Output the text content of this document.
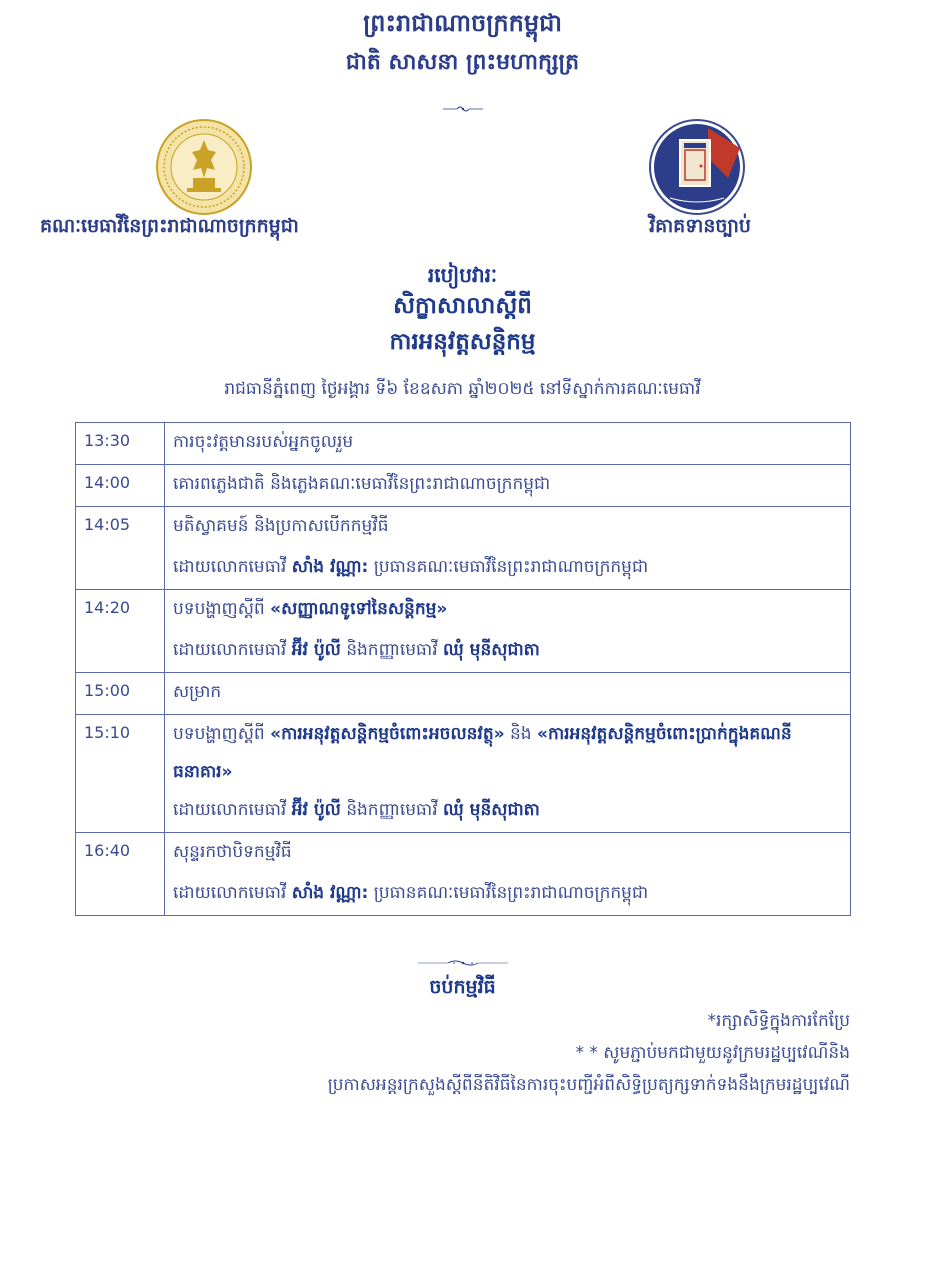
ព្រះរាជាណាចក្រកម្ពុជា
ជាតិ សាសនា ព្រះមហាក្សត្រ
គណៈមេធាវីនៃព្រះរាជាណាចក្រកម្ពុជា	វិគាគទានច្បាប់
របៀបវារៈ
សិក្ខាសាលាស្តីពី
ការអនុវត្តសន្តិកម្ម
រាជធានីភ្នំពេញ ថ្ងៃអង្គារ ទី៦ ខែឧសភា ឆ្នាំ២០២៥ នៅទីស្នាក់ការគណៈមេធាវី
13:30	ការចុះវត្តមានរបស់អ្នកចូលរួម

14:00	គោរពភ្លេងជាតិ និងភ្លេងគណៈមេធាវីនៃព្រះរាជាណាចក្រកម្ពុជា

14:05	មតិស្វាគមន៍ និងប្រកាសបើកកម្មវិធី
ដោយលោកមេធាវី សាំង វណ្ណា: ប្រធានគណៈមេធាវីនៃព្រះរាជាណាចក្រកម្ពុជា

14:20	បទបង្ហាញស្តីពី «សញ្ញាណទូទៅនៃសន្តិកម្ម»
ដោយលោកមេធាវី អ៊ីវ ប៉ូលី និងកញ្ញាមេធាវី ឈុំ មុនីសុជាតា

15:00	សម្រាក

15:10	បទបង្ហាញស្តីពី «ការអនុវត្តសន្តិកម្មចំពោះអចលនវត្ថុ» និង «ការអនុវត្តសន្តិកម្មចំពោះប្រាក់ក្នុងគណនីធនាគារ»
ដោយលោកមេធាវី អ៊ីវ ប៉ូលី និងកញ្ញាមេធាវី ឈុំ មុនីសុជាតា

16:40	សុន្ទរកថាបិទកម្មវិធី
ដោយលោកមេធាវី សាំង វណ្ណា: ប្រធានគណៈមេធាវីនៃព្រះរាជាណាចក្រកម្ពុជា
ចប់កម្មវិធី
*រក្សាសិទ្ធិក្នុងការកែប្រែ
* * សូមភ្ជាប់មកជាមួយនូវក្រមរដ្ឋប្បវេណីនិង
ប្រកាសអន្តរក្រសួងស្តីពីនីតិវិធីនៃការចុះបញ្ជីអំពីសិទ្ធិប្រត្យក្សទាក់ទងនឹងក្រមរដ្ឋប្បវេណី
